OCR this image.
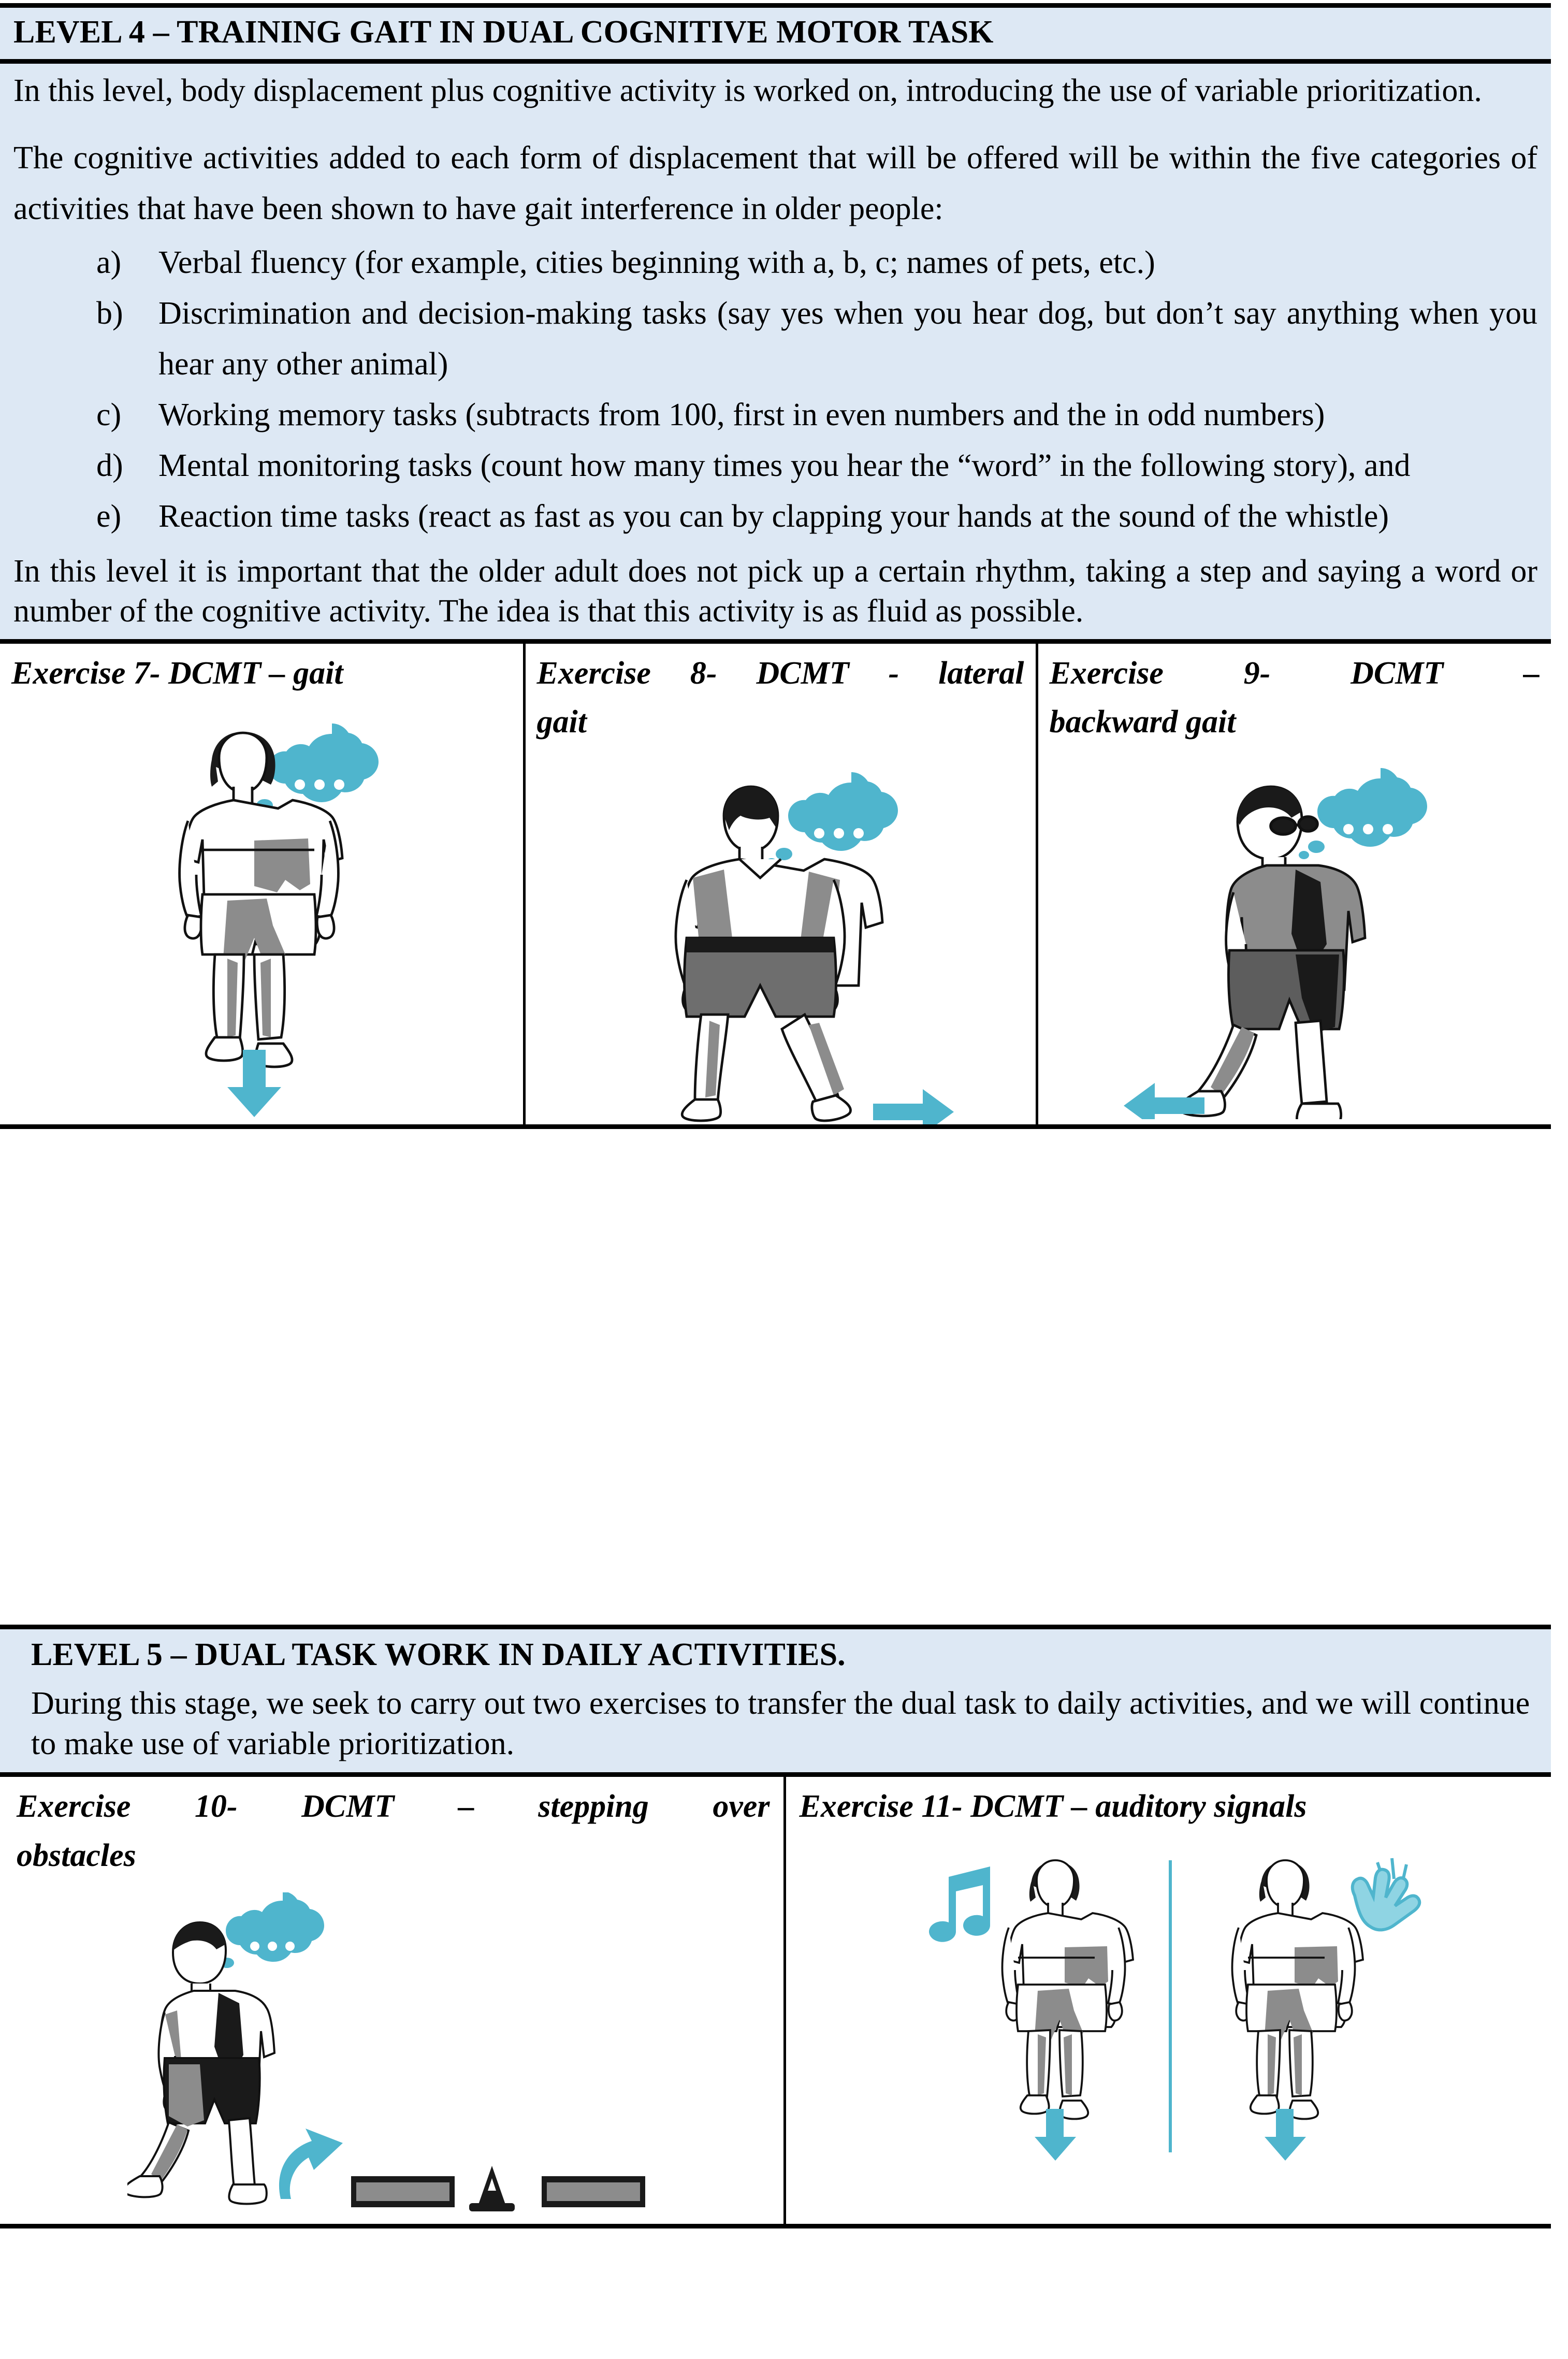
LEVEL 4 – TRAINING GAIT IN DUAL COGNITIVE MOTOR TASK

In this level, body displacement plus cognitive activity is worked on, introducing the use of variable prioritization.
The cognitive activities added to each form of displacement that will be offered will be within the five categories of activities that have been shown to have gait interference in older people:
a)	Verbal fluency (for example, cities beginning with a, b, c; names of pets, etc.)
b)	Discrimination and decision-making tasks (say yes when you hear dog, but don’t say anything when you hear any other animal)
c)	Working memory tasks (subtracts from 100, first in even numbers and the in odd numbers)
d)	Mental monitoring tasks (count how many times you hear the “word” in the following story), and
e)	Reaction time tasks (react as fast as you can by clapping your hands at the sound of the whistle)
In this level it is important that the older adult does not pick up a certain rhythm, taking a step and saying a word or number of the cognitive activity. The idea is that this activity is as fluid as possible.

Exercise 7- DCMT – gait	Exercise 8- DCMT - lateral
gait

Exercise 9- DCMT –
backward gait
LEVEL 5 – DUAL TASK WORK IN DAILY ACTIVITIES.

During this stage, we seek to carry out two exercises to transfer the dual task to daily activities, and we will continue to make use of variable prioritization.

Exercise 10- DCMT – stepping over
obstacles

Exercise 11- DCMT – auditory signals
